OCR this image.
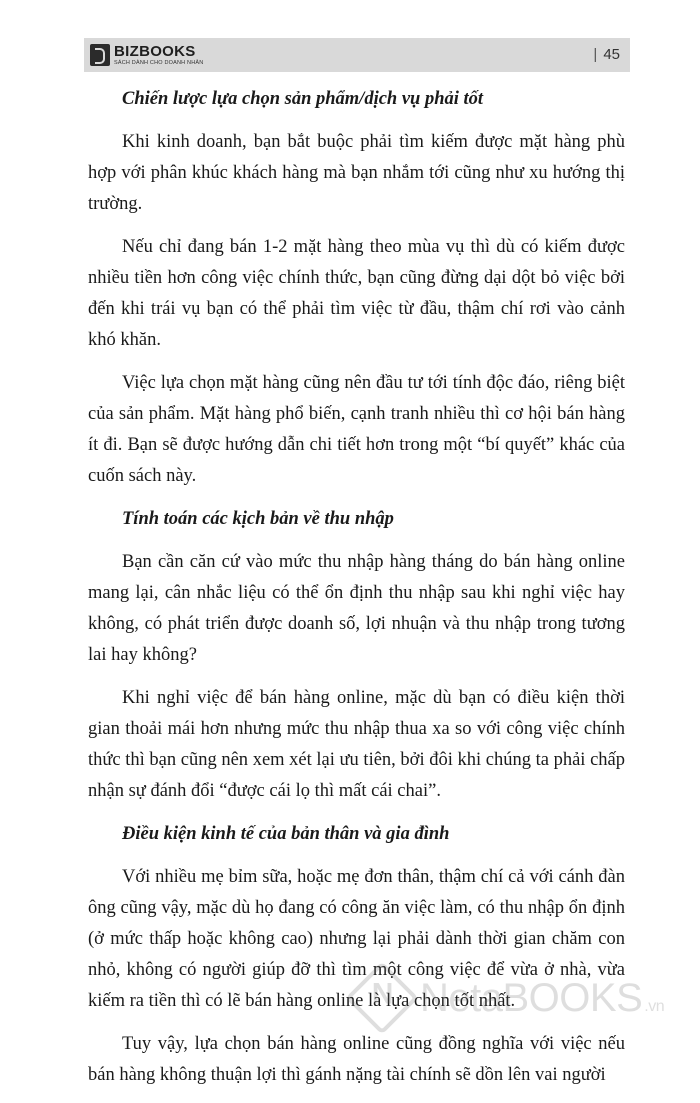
BIZBOOKS
SÁCH DÀNH CHO DOANH NHÂN	| 45
Chiến lược lựa chọn sản phẩm/dịch vụ phải tốt

Khi kinh doanh, bạn bắt buộc phải tìm kiếm được mặt hàng phù hợp với phân khúc khách hàng mà bạn nhắm tới cũng như xu hướng thị trường.

Nếu chỉ đang bán 1-2 mặt hàng theo mùa vụ thì dù có kiếm được nhiều tiền hơn công việc chính thức, bạn cũng đừng dại dột bỏ việc bởi đến khi trái vụ bạn có thể phải tìm việc từ đầu, thậm chí rơi vào cảnh khó khăn.

Việc lựa chọn mặt hàng cũng nên đầu tư tới tính độc đáo, riêng biệt của sản phẩm. Mặt hàng phổ biến, cạnh tranh nhiều thì cơ hội bán hàng ít đi. Bạn sẽ được hướng dẫn chi tiết hơn trong một “bí quyết” khác của cuốn sách này.

Tính toán các kịch bản về thu nhập

Bạn cần căn cứ vào mức thu nhập hàng tháng do bán hàng online mang lại, cân nhắc liệu có thể ổn định thu nhập sau khi nghỉ việc hay không, có phát triển được doanh số, lợi nhuận và thu nhập trong tương lai hay không?

Khi nghỉ việc để bán hàng online, mặc dù bạn có điều kiện thời gian thoải mái hơn nhưng mức thu nhập thua xa so với công việc chính thức thì bạn cũng nên xem xét lại ưu tiên, bởi đôi khi chúng ta phải chấp nhận sự đánh đổi “được cái lọ thì mất cái chai”.

Điều kiện kinh tế của bản thân và gia đình

Với nhiều mẹ bỉm sữa, hoặc mẹ đơn thân, thậm chí cả với cánh đàn ông cũng vậy, mặc dù họ đang có công ăn việc làm, có thu nhập ổn định (ở mức thấp hoặc không cao) nhưng lại phải dành thời gian chăm con nhỏ, không có người giúp đỡ thì tìm một công việc để vừa ở nhà, vừa kiếm ra tiền thì có lẽ bán hàng online là lựa chọn tốt nhất.

Tuy vậy, lựa chọn bán hàng online cũng đồng nghĩa với việc nếu bán hàng không thuận lợi thì gánh nặng tài chính sẽ dồn lên vai người

N
NetaBOOKS .vn
